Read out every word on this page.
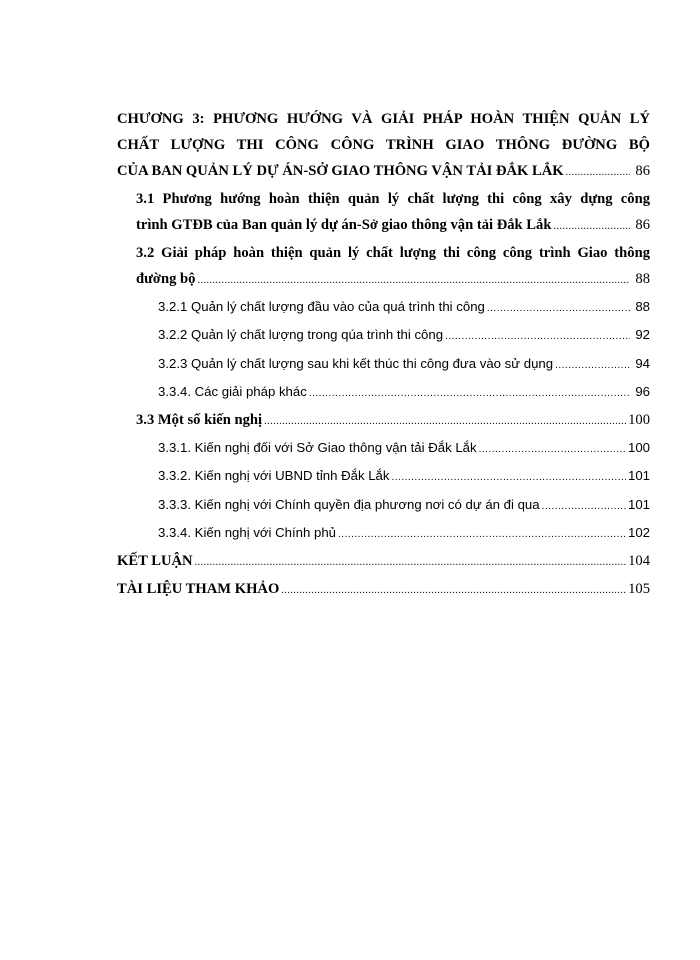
CHƯƠNG 3: PHƯƠNG HƯỚNG VÀ GIẢI PHÁP HOÀN THIỆN QUẢN LÝ
CHẤT LƯỢNG THI CÔNG CÔNG TRÌNH GIAO THÔNG ĐƯỜNG BỘ
CỦA BAN QUẢN LÝ DỰ ÁN-SỞ GIAO THÔNG VẬN TẢI ĐẮK LẮK .....	86
3.1 Phương hướng hoàn thiện quản lý chất lượng thi công xây dựng công
trình GTĐB của Ban quản lý dự án-Sở giao thông vận tải Đắk Lắk .....	86
3.2 Giải pháp hoàn thiện quản lý chất lượng thi công công trình Giao thông
đường bộ .....	88
3.2.1 Quản lý chất lượng đầu vào của quá trình thi công .....	88
3.2.2 Quản lý chất lượng trong qúa trình thi công .....	92
3.2.3 Quản lý chất lượng sau khi kết thúc thi công đưa vào sử dụng .....	94
3.3.4. Các giải pháp khác .....	96
3.3 Một số kiến nghị .....	100
3.3.1. Kiến nghị đối với Sở Giao thông vận tải Đắk Lắk .....	100
3.3.2. Kiến nghị với UBND tỉnh Đắk Lắk .....	101
3.3.3. Kiến nghị với Chính quyền địa phương nơi có dự án đi qua .....	101
3.3.4. Kiến nghị với Chính phủ .....	102
KẾT LUẬN .....	104
TÀI LIỆU THAM KHẢO .....	105
